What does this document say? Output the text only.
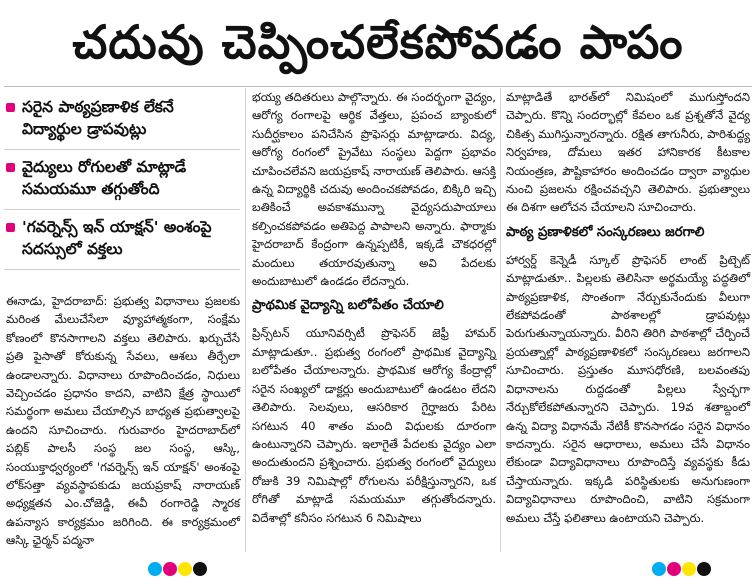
చదువు చెప్పించలేకపోవడం పాపం
సరైన పాఠ్యప్రణాళిక లేకనే విద్యార్థుల డ్రాపవుట్లు
వైద్యులు రోగులతో మాట్లాడే సమయమూ తగ్గుతోంది
'గవర్నెన్స్ ఇన్ యాక్షన్' అంశంపై సదస్సులో వక్తలు

ఈనాడు, హైదరాబాద్: ప్రభుత్వ విధానాలు ప్రజలకు మరింత మేలుచేసేలా వ్యూహాత్మకంగా, సంక్షేమ కోణంలో కొనసాగాలని వక్తలు తెలిపారు. ఖర్చుచేసే ప్రతి పైసాతో కోరుకున్న సేవలు, ఆశలు తీర్చేలా ఉండాలన్నారు. విధానాలు రూపొందించడం, నిధులు వెచ్చించడం ప్రధానం కాదని, వాటిని క్షేత్ర స్థాయిలో సమర్థంగా అమలు చేయాల్సిన బాధ్యత ప్రభుత్వాలపై ఉందని సూచించారు. గురువారం హైదరాబాద్‌లో పబ్లిక్ పాలసీ సంస్థ జల సంస్థ, ఆస్కి, సంయుక్తాధ్వర్యంలో 'గవర్నెన్స్ ఇన్ యాక్షన్' అంశంపై లోక్‌సత్తా వ్యవస్థాపకుడు జయప్రకాష్ నారాయణ్ అధ్యక్షతన ఎం.చోజెడ్డి, ఈవీ రంగారెడ్డి స్మారక ఉపన్యాస కార్యక్రమం జరిగింది. ఈ కార్యక్రమంలో ఆస్కి ఛైర్మన్ పద్మనా

భయ్య తదితరులు పాల్గొన్నారు. ఈ సందర్భంగా వైద్యం, ఆరోగ్య రంగాలపై ఆర్థిక వేత్తలు, ప్రపంచ బ్యాంకులో సుదీర్ఘకాలం పనిచేసిన ప్రొఫెసర్లు మాట్లాడారు. విద్య, ఆరోగ్య రంగంలో ప్రైవేటు సంస్థలు పెద్దగా ప్రభావం చూపించలేవని జయప్రకాష్ నారాయణ్ తెలిపారు. ఆసక్తి ఉన్న విద్యార్థికి చదువు అందించకపోవడం, బిక్కిరి ఇచ్చి బతికించే అవకాశమున్నా వైద్యసదుపాయాలు కల్పించకపోవడం అతిపెద్ద పాపాలని అన్నారు. ఫార్మాకు హైదరాబాద్ కేంద్రంగా ఉన్నప్పటికీ, ఇక్కడే చౌకధరల్లో మందులు తయారవుతున్నా అవి పేదలకు అందుబాటులో ఉండడం లేదన్నారు.

ప్రాథమిక వైద్యాన్ని బలోపేతం చేయాలి

ప్రిన్స్‌టన్ యూనివర్సిటీ ప్రొఫెసర్ జెఫ్రీ హామర్ మాట్లాడుతూ.. ప్రభుత్వ రంగంలో ప్రాథమిక వైద్యాన్ని బలోపేతం చేయాలన్నారు. ప్రాథమిక ఆరోగ్య కేంద్రాల్లో సరైన సంఖ్యలో డాక్టర్లు అందుబాటులో ఉండటం లేదని తెలిపారు. సెలవులు, ఆసరికార గైర్హాజరు పేరిట సగటున 40 శాతం మంది విధులకు దూరంగా ఉంటున్నారని చెప్పారు. ఇలాగైతే పేదలకు వైద్యం ఎలా అందుతుందని ప్రశ్నించారు. ప్రభుత్వ రంగంలో వైద్యులు రోజుకి 39 నిమిషాల్లో రోగులను పరీక్షిస్తున్నారని, ఒక రోగితో మాట్లాడే సమయమూ తగ్గుతోందన్నారు. విదేశాల్లో కనీసం సగటున 6 నిమిషాలు

మాట్లాడితే భారత్‌లో నిమిషంలో ముగుస్తోందని చెప్పారు. కొన్ని సందర్భాల్లో కేవలం ఒక ప్రశ్నతోనే వైద్య చికిత్స ముగిస్తున్నారన్నారు. రక్షిత తాగునీరు, పారిశుద్ధ్య నిర్వహణ, దోమలు ఇతర హానికారక కీటకాల నియంత్రణ, పౌష్టికాహారం అందించడం ద్వారా వ్యాధుల నుంచి ప్రజలను రక్షించవచ్చని తెలిపారు. ప్రభుత్వాలు ఈ దిశగా ఆలోచన చేయాలని సూచించారు.

పాఠ్య ప్రణాళికలో సంస్కరణలు జరగాలి

హార్వర్డ్ కెన్నెడీ స్కూల్ ప్రొఫెసర్ లాంట్ ప్రిట్చెట్ మాట్లాడుతూ.. పిల్లలకు తెలిసినా అర్థమయ్యే పద్ధతిలో పాఠ్యప్రణాళిక, సొంతంగా నేర్చుకునేందుకు వీలుగా లేకపోవడంతో పాఠశాలల్లో డ్రాపవుట్లు పెరుగుతున్నాయన్నారు. వీరిని తిరిగి పాఠశాల్లో చేర్పించే ప్రయత్నాల్లో పాఠ్యప్రణాళికలో సంస్కరణలు జరగాలని సూచించారు. ప్రస్తుతం మూసధోరణి, బలవంతపు విధానాలను రుద్దడంతో పిల్లలు స్వేచ్ఛగా నేర్చుకోలేకపోతున్నారని చెప్పారు. 19వ శతాబ్దంలో ఉన్న విద్యా విధానమే నేటికీ కొనసాగడం సరైన విధానం కాదన్నారు. సరైన ఆధారాలు, అమలు చేసే విధానం లేకుండా విద్యావిధానాలు రూపొందిస్తే వ్యవస్థకు కీడు చేస్తాయన్నారు. ఇక్కడి పరిస్థితులకు అనుగుణంగా విద్యావిధానాలు రూపొందించి, వాటిని సక్రమంగా అమలు చేస్తే ఫలితాలు ఉంటాయని చెప్పారు.
